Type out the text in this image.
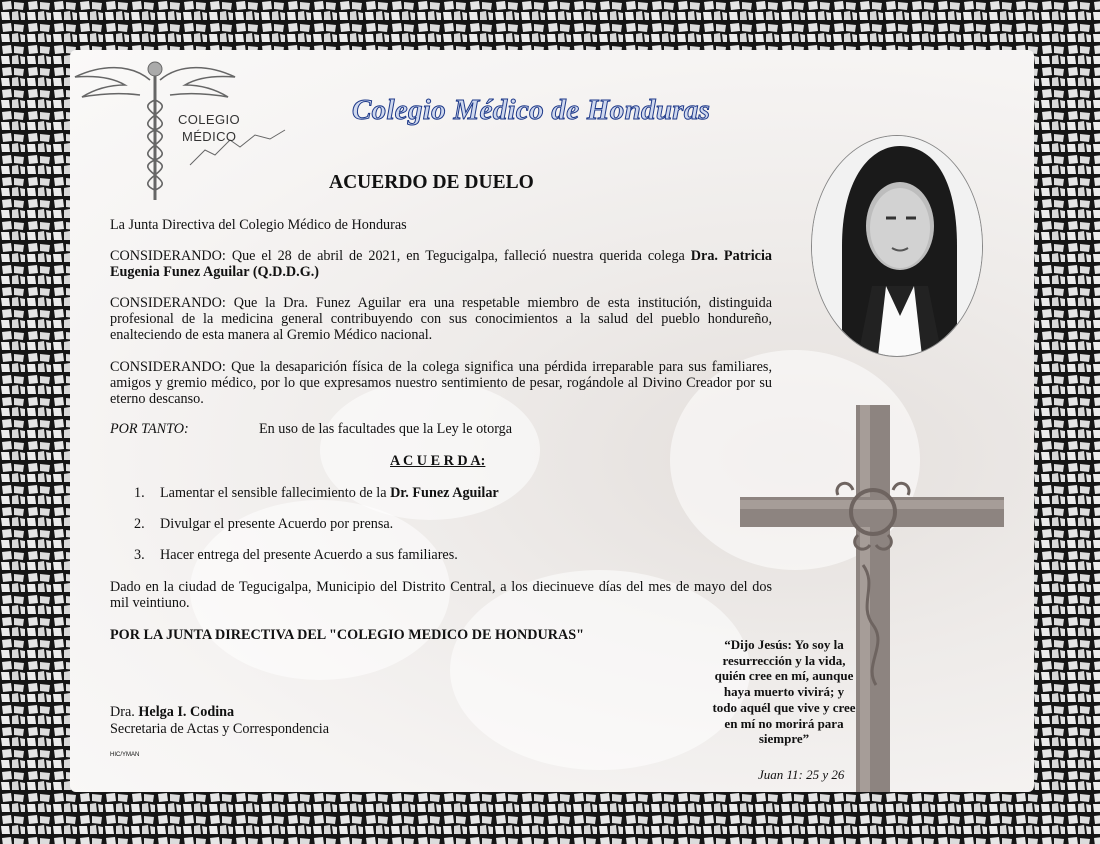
COLEGIO
MÉDICO
Colegio Médico de Honduras
ACUERDO DE DUELO
La Junta Directiva del Colegio Médico de Honduras
CONSIDERANDO: Que el 28 de abril de 2021, en Tegucigalpa, falleció nuestra querida colega Dra. Patricia Eugenia Funez Aguilar (Q.D.D.G.)
CONSIDERANDO: Que la Dra. Funez Aguilar era una respetable miembro de esta institución, distinguida profesional de la medicina general contribuyendo con sus conocimientos a la salud del pueblo hondureño, enalteciendo de esta manera al Gremio Médico nacional.
CONSIDERANDO: Que la desaparición física de la colega significa una pérdida irreparable para sus familiares, amigos y gremio médico, por lo que expresamos nuestro sentimiento de pesar, rogándole al Divino Creador por su eterno descanso.
POR TANTO:	En uso de las facultades que la Ley le otorga
A C U E R D A:
1. Lamentar el sensible fallecimiento de la Dr. Funez Aguilar
2. Divulgar el presente Acuerdo por prensa.
3. Hacer entrega del presente Acuerdo a sus familiares.
Dado en la ciudad de Tegucigalpa, Municipio del Distrito Central, a los diecinueve días del mes de mayo del dos mil veintiuno.
POR LA JUNTA DIRECTIVA DEL "COLEGIO MEDICO DE HONDURAS"
Dra. Helga I. Codina
Secretaria de Actas y Correspondencia
HIC/YMAN
“Dijo Jesús: Yo soy la
resurrección y la vida,
quién cree en mí, aunque
haya muerto vivirá; y
todo aquél que vive y cree
en mí no morirá para
siempre”
Juan 11: 25 y 26
